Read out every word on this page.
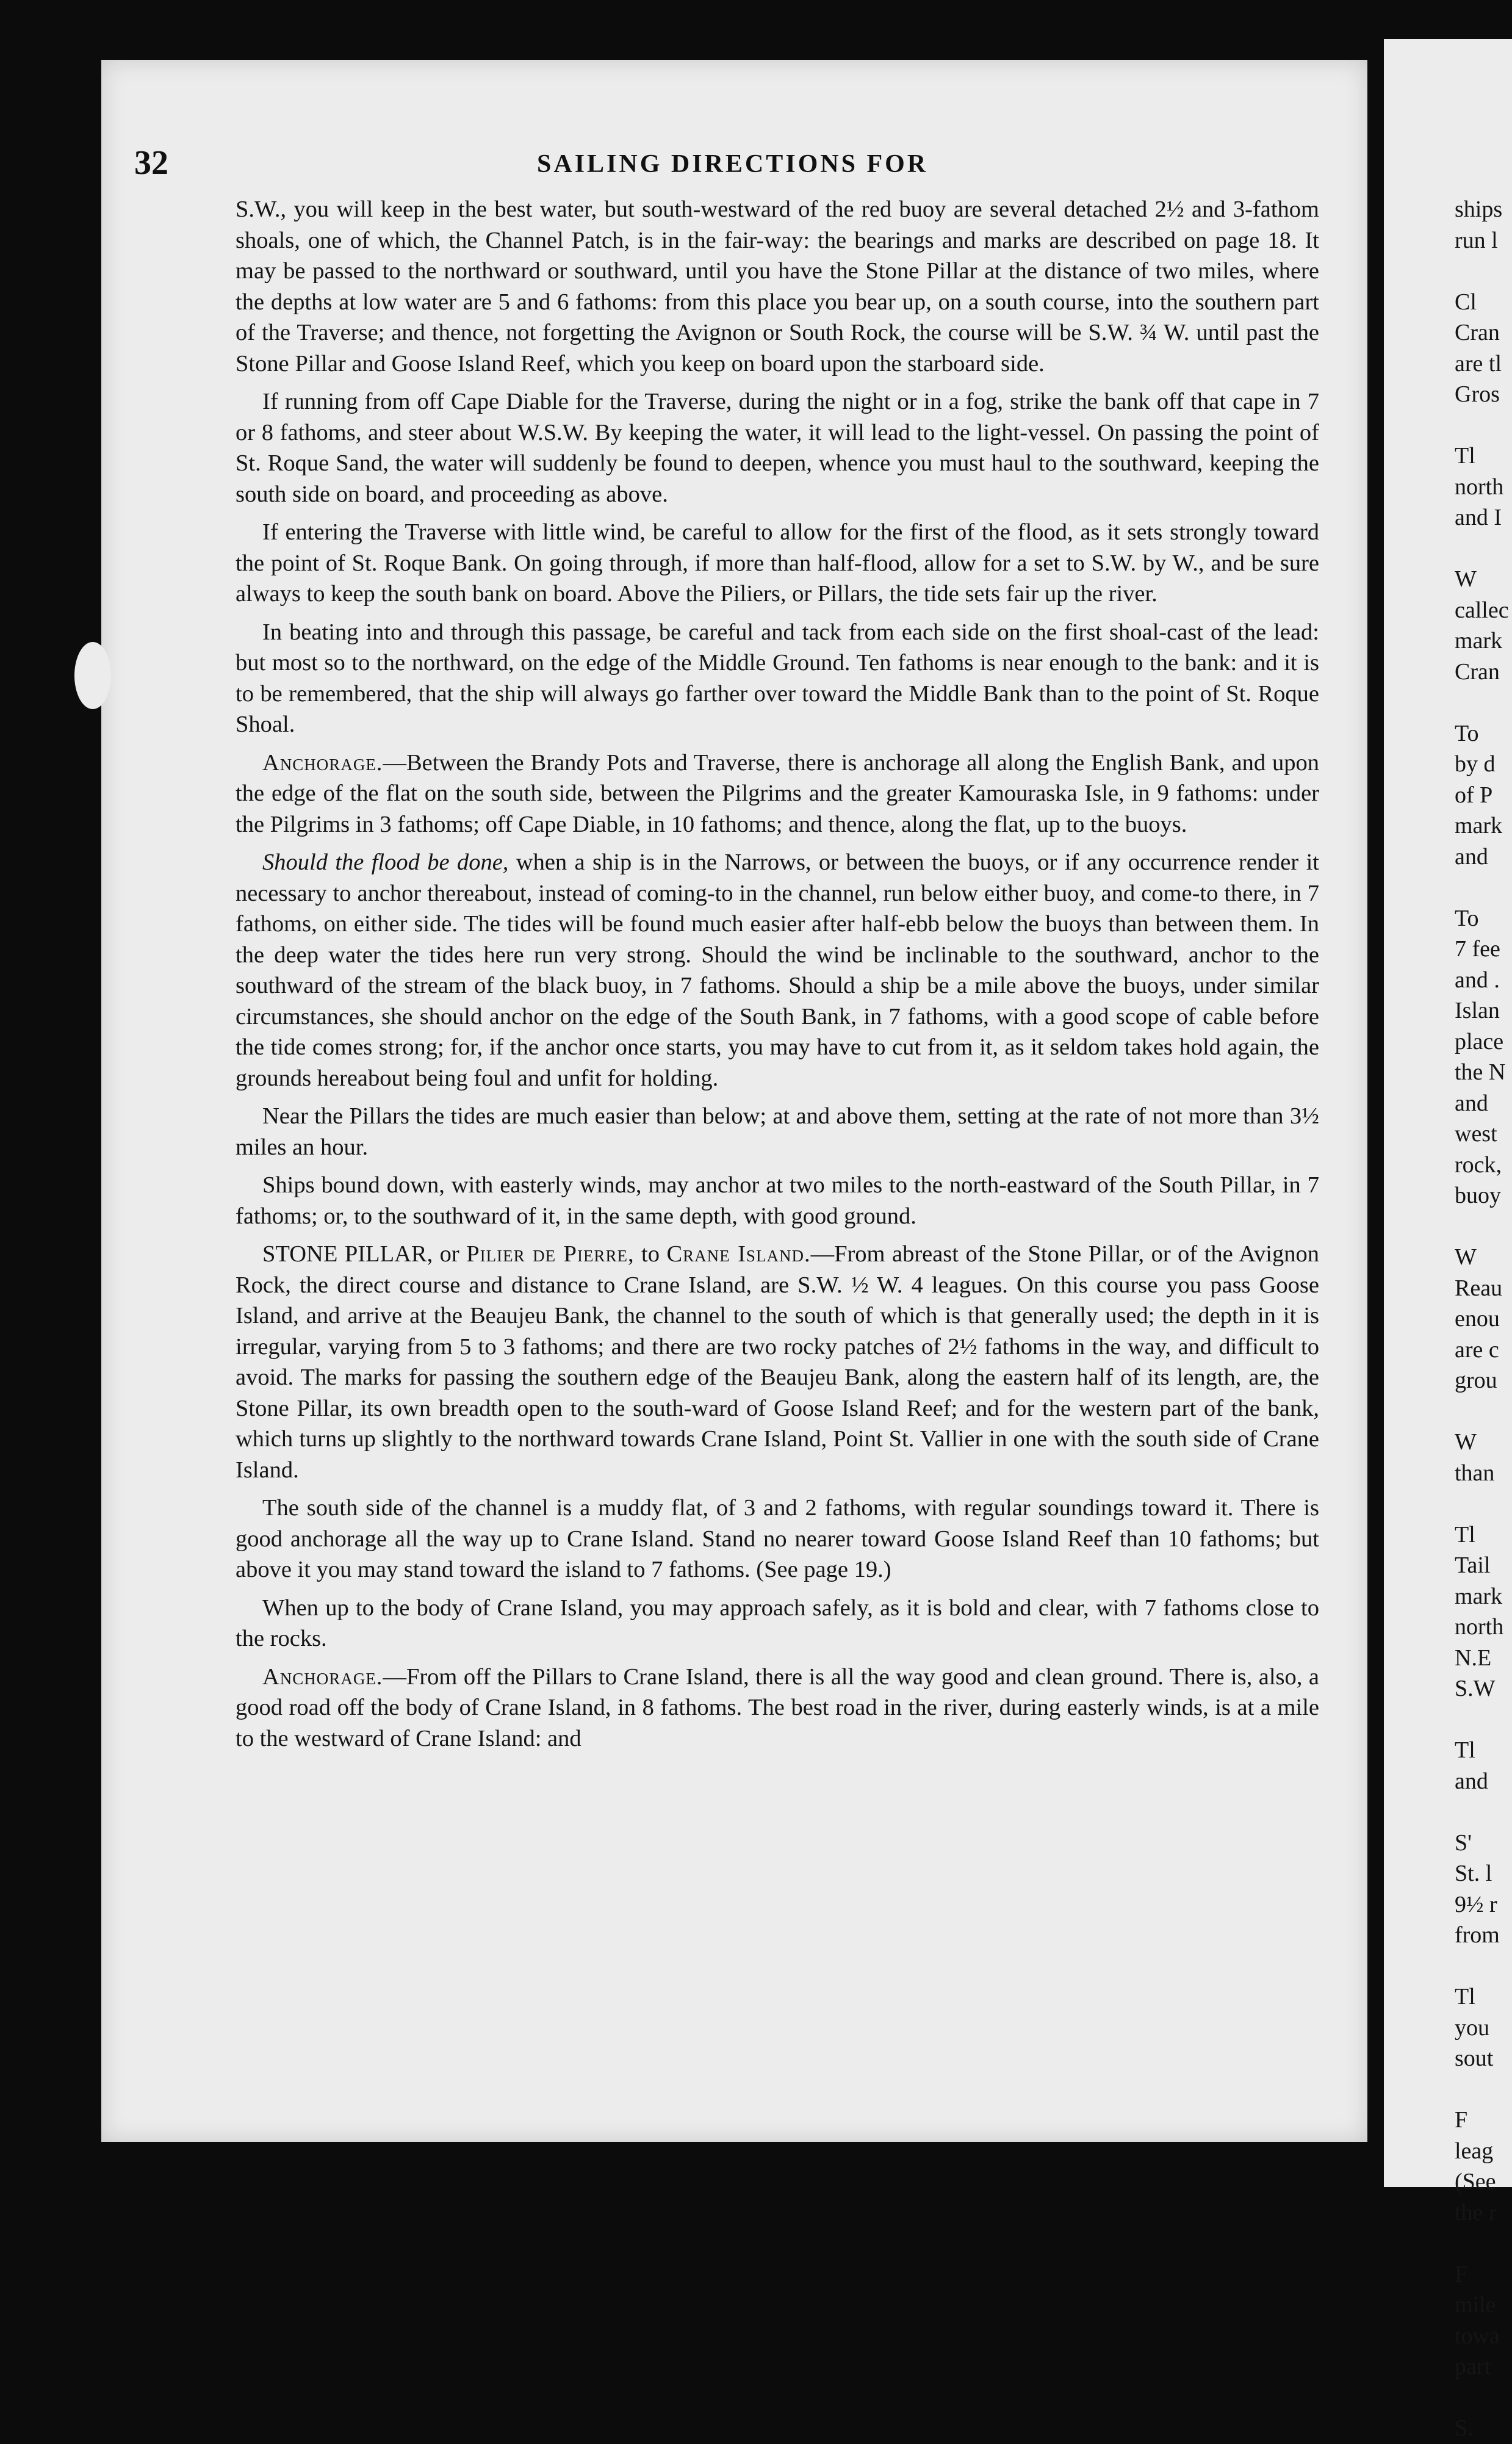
32	SAILING DIRECTIONS FOR

S.W., you will keep in the best water, but south-westward of the red buoy are several detached 2½ and 3-fathom shoals, one of which, the Channel Patch, is in the fair-way: the bearings and marks are described on page 18. It may be passed to the northward or southward, until you have the Stone Pillar at the distance of two miles, where the depths at low water are 5 and 6 fathoms: from this place you bear up, on a south course, into the southern part of the Traverse; and thence, not forgetting the Avignon or South Rock, the course will be S.W. ¾ W. until past the Stone Pillar and Goose Island Reef, which you keep on board upon the starboard side.

If running from off Cape Diable for the Traverse, during the night or in a fog, strike the bank off that cape in 7 or 8 fathoms, and steer about W.S.W. By keeping the water, it will lead to the light-vessel. On passing the point of St. Roque Sand, the water will suddenly be found to deepen, whence you must haul to the southward, keeping the south side on board, and proceeding as above.

If entering the Traverse with little wind, be careful to allow for the first of the flood, as it sets strongly toward the point of St. Roque Bank. On going through, if more than half-flood, allow for a set to S.W. by W., and be sure always to keep the south bank on board. Above the Piliers, or Pillars, the tide sets fair up the river.

In beating into and through this passage, be careful and tack from each side on the first shoal-cast of the lead: but most so to the northward, on the edge of the Middle Ground. Ten fathoms is near enough to the bank: and it is to be remembered, that the ship will always go farther over toward the Middle Bank than to the point of St. Roque Shoal.

Anchorage.—Between the Brandy Pots and Traverse, there is anchorage all along the English Bank, and upon the edge of the flat on the south side, between the Pilgrims and the greater Kamouraska Isle, in 9 fathoms: under the Pilgrims in 3 fathoms; off Cape Diable, in 10 fathoms; and thence, along the flat, up to the buoys.

Should the flood be done, when a ship is in the Narrows, or between the buoys, or if any occurrence render it necessary to anchor thereabout, instead of coming-to in the channel, run below either buoy, and come-to there, in 7 fathoms, on either side. The tides will be found much easier after half-ebb below the buoys than between them. In the deep water the tides here run very strong. Should the wind be inclinable to the southward, anchor to the southward of the stream of the black buoy, in 7 fathoms. Should a ship be a mile above the buoys, under similar circumstances, she should anchor on the edge of the South Bank, in 7 fathoms, with a good scope of cable before the tide comes strong; for, if the anchor once starts, you may have to cut from it, as it seldom takes hold again, the grounds hereabout being foul and unfit for holding.

Near the Pillars the tides are much easier than below; at and above them, setting at the rate of not more than 3½ miles an hour.

Ships bound down, with easterly winds, may anchor at two miles to the north-eastward of the South Pillar, in 7 fathoms; or, to the southward of it, in the same depth, with good ground.

STONE PILLAR, or Pilier de Pierre, to Crane Island.—From abreast of the Stone Pillar, or of the Avignon Rock, the direct course and distance to Crane Island, are S.W. ½ W. 4 leagues. On this course you pass Goose Island, and arrive at the Beaujeu Bank, the channel to the south of which is that generally used; the depth in it is irregular, varying from 5 to 3 fathoms; and there are two rocky patches of 2½ fathoms in the way, and difficult to avoid. The marks for passing the southern edge of the Beaujeu Bank, along the eastern half of its length, are, the Stone Pillar, its own breadth open to the south-ward of Goose Island Reef; and for the western part of the bank, which turns up slightly to the northward towards Crane Island, Point St. Vallier in one with the south side of Crane Island.

The south side of the channel is a muddy flat, of 3 and 2 fathoms, with regular soundings toward it. There is good anchorage all the way up to Crane Island. Stand no nearer toward Goose Island Reef than 10 fathoms; but above it you may stand toward the island to 7 fathoms. (See page 19.)

When up to the body of Crane Island, you may approach safely, as it is bold and clear, with 7 fathoms close to the rocks.

Anchorage.—From off the Pillars to Crane Island, there is all the way good and clean ground. There is, also, a good road off the body of Crane Island, in 8 fathoms. The best road in the river, during easterly winds, is at a mile to the westward of Crane Island: and

ships
run l
Cl
Cran
are tl
Gros
Tl
north
and I
W
callec
mark
Cran
To
by d
of P
mark
and
To
7 fee
and .
Islan
place
the N
and
west
rock,
buoy
W
Reau
enou
are c
grou
W
than
Tl
Tail
mark
north
N.E
S.W
Tl
and
S'
St. l
9½ r
from
Tl
you
sout
F
leag
(See
the r
F
mile
towa
part
S.
